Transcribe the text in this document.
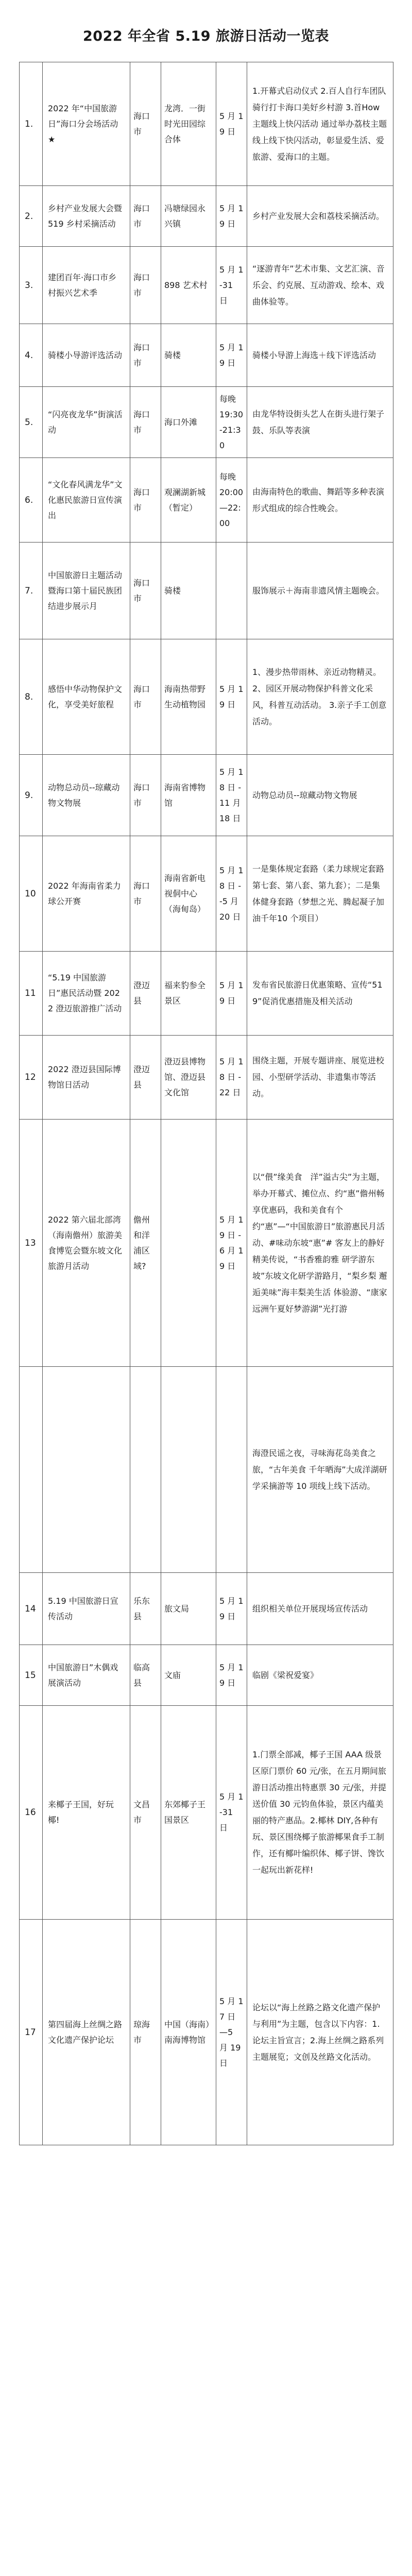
2022 年全省 5.19 旅游日活动一览表
1.	2022 年“中国旅游日”海口分会场活动★	海口市	龙湾．一街时光田园综合体	5 月 19 日	1.开幕式启动仪式 2.百人自行车团队骑行打卡海口美好乡村游 3.首How主题线上快闪活动 通过举办荔枝主题线上线下快闪活动，彰显爱生活、爱旅游、爱海口的主题。
2.	乡村产业发展大会暨 519 乡村采摘活动	海口市	冯塘绿园永兴镇	5 月 19 日	乡村产业发展大会和荔枝采摘活动。
3.	建团百年·海口市乡村振兴艺术季	海口市	898 艺术村	5 月 1-31 日	“逐游青年”艺术市集、文艺汇演、音乐会、约克展、互动游戏、绘本、戏曲体验等。
4.	骑楼小导游评选活动	海口市	骑楼	5 月 19 日	骑楼小导游上海选＋线下评选活动
5.	“闪亮夜龙华”街演活动	海口市	海口外滩	每晚 19:30-21:30	由龙华特设街头艺人在街头进行架子鼓、乐队等表演
6.	“文化春风满龙华”文化惠民旅游日宣传演出	海口市	观澜湖新城（暂定）	每晚 20:00—22:00	由海南特色的歌曲、舞蹈等多种表演形式组成的综合性晚会。
7.	中国旅游日主题活动暨海口第十届民族团结进步展示月	海口市	骑楼		服饰展示＋海南非遗风情主题晚会。
8.	感悟中华动物保护文化，享受美好旅程	海口市	海南热带野生动植物园	5 月 19 日	1、漫步热带雨林、亲近动物精灵。 2、园区开展动物保护科普文化采风，科普互动活动。 3.亲子手工创意活动。
9.	动物总动员--琼藏动物文物展	海口市	海南省博物馆	5 月 18 日 -11 月 18 日	动物总动员--琼藏动物文物展
10	2022 年海南省柔力球公开赛	海口市	海南省新电视侗中心（海甸岛）	5 月 18 日 --5 月 20 日	一是集体规定套路（柔力球规定套路第七套、第八套、第九套）；二是集体健身套路（梦想之光、腾起凝子加油千年10 个项目）
11	“5.19 中国旅游日”惠民活动暨 2022 澄迈旅游推广活动	澄迈县	福来豹参全景区	5 月 19 日	发布省民旅游日优惠策略、宣传“519”促消优惠措施及相关活动
12	2022 澄迈县国际博物馆日活动	澄迈县	澄迈县博物馆、澄迈县文化馆	5 月 18 日 -22 日	围绕主题，开展专题讲座、展览进校园、小型研学活动、非遗集市等活动。
13	2022 第六届北部湾（海南儋州）旅游美食博览会暨东坡文化旅游月活动	儋州和洋浦区域?		5 月 19 日 -6 月 19 日	以“偎”缘美食　洋”溢古尖”为主题，举办开幕式、摊位点、约“惠”儋州畅享优惠码，我和美食有个约“惠”—“中国旅游日”旅游惠民月活动、#味动东坡“惠”# 客友上的静好精美传说，“书香雅韵雅 研学游东坡”东坡文化研学游路月，“梨乡梨 邂逅美味”海丰梨美生活 体验游、“康家远洲午夏好梦游湖”光打游
					海澄民谣之夜，寻味海花岛美食之旅，“古年美食 千年晒海”大成洋湖研学采摘游等 10 项线上线下活动。
14	5.19 中国旅游日宣传活动	乐东县	旅文局	5 月 19 日	组织相关单位开展现场宣传活动
15	中国旅游日”木偶戏展演活动	临高县	文庙	5 月 19 日	临剧《梁祝爱宴》
16	来椰子王国，好玩椰!	文昌市	东郊椰子王国景区	5 月 1-31 日	1.门票全部减，椰子王国 AAA 级景区原门票价 60 元/张，在五月期间旅游日活动推出特惠票 30 元/张，并提送价值 30 元钧鱼体验，景区内蕴美丽的特产惠品。2.椰林 DIY,各种有玩、景区围绕椰子旅游椰果食手工制作，还有椰叶编织体、椰子饼、馋饮一起玩出新花样!
17	第四届海上丝绸之路文化遗产保护论坛	琼海市	中国（海南）南海博物馆	5 月 17 日 —5 月 19 日	论坛以“海上丝路之路文化遗产保护与利用”为主题，包含以下内容：1.论坛主旨宣言；2.海上丝绸之路系列主题展览；文创及丝路文化活动。
